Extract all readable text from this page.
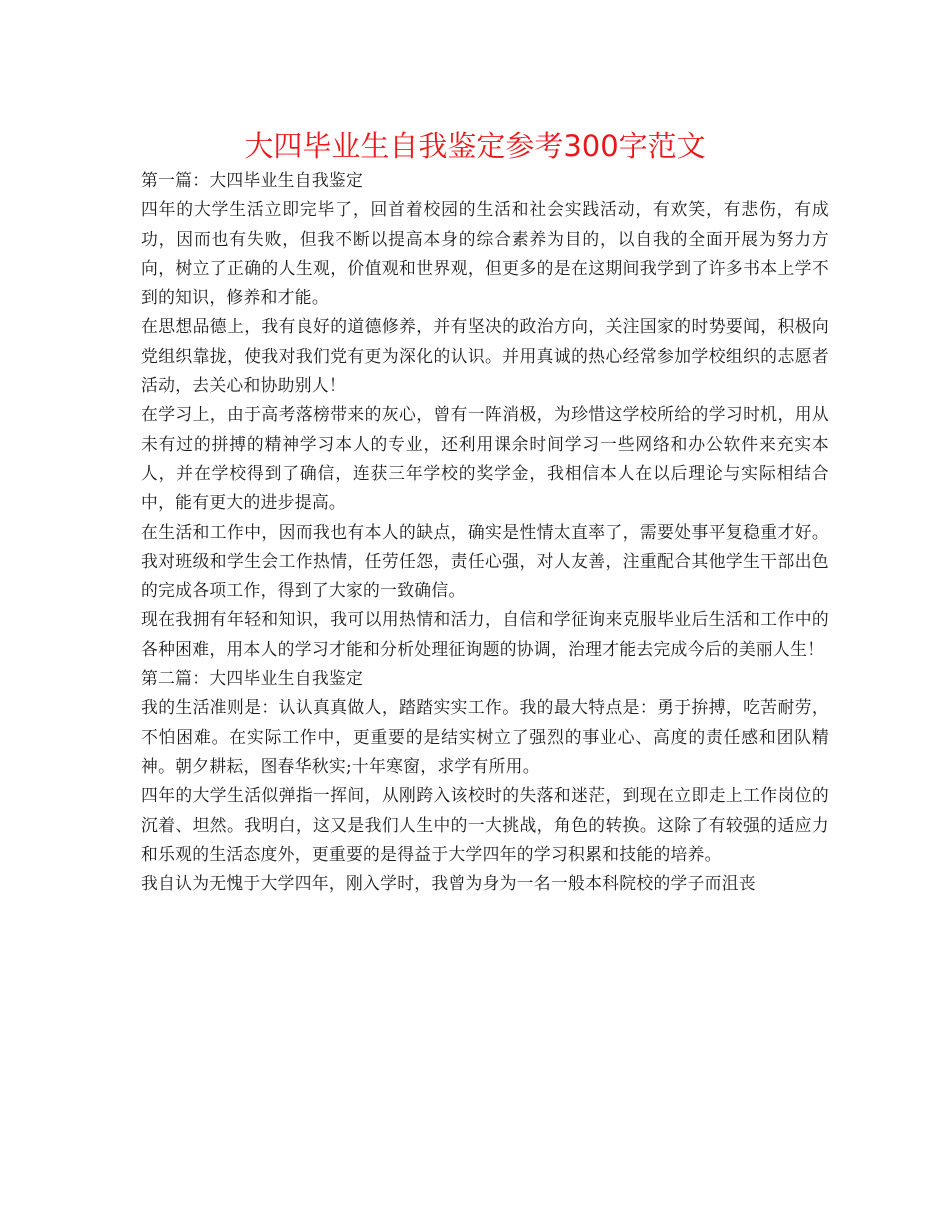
大四毕业生自我鉴定参考300字范文

第一篇：大四毕业生自我鉴定

四年的大学生活立即完毕了，回首着校园的生活和社会实践活动，有欢笑，有悲伤，有成功，因而也有失败，但我不断以提高本身的综合素养为目的，以自我的全面开展为努力方向，树立了正确的人生观，价值观和世界观，但更多的是在这期间我学到了许多书本上学不到的知识，修养和才能。

在思想品德上，我有良好的道德修养，并有坚决的政治方向，关注国家的时势要闻，积极向党组织靠拢，使我对我们党有更为深化的认识。并用真诚的热心经常参加学校组织的志愿者活动，去关心和协助别人！

在学习上，由于高考落榜带来的灰心，曾有一阵消极，为珍惜这学校所给的学习时机，用从未有过的拼搏的精神学习本人的专业，还利用课余时间学习一些网络和办公软件来充实本人，并在学校得到了确信，连获三年学校的奖学金，我相信本人在以后理论与实际相结合中，能有更大的进步提高。

在生活和工作中，因而我也有本人的缺点，确实是性情太直率了，需要处事平复稳重才好。我对班级和学生会工作热情，任劳任怨，责任心强，对人友善，注重配合其他学生干部出色的完成各项工作，得到了大家的一致确信。

现在我拥有年轻和知识，我可以用热情和活力，自信和学征询来克服毕业后生活和工作中的各种困难，用本人的学习才能和分析处理征询题的协调，治理才能去完成今后的美丽人生！

第二篇：大四毕业生自我鉴定

我的生活准则是：认认真真做人，踏踏实实工作。我的最大特点是：勇于拚搏，吃苦耐劳，不怕困难。在实际工作中，更重要的是结实树立了强烈的事业心、高度的责任感和团队精神。朝夕耕耘，图春华秋实;十年寒窗，求学有所用。

四年的大学生活似弹指一挥间，从刚跨入该校时的失落和迷茫，到现在立即走上工作岗位的沉着、坦然。我明白，这又是我们人生中的一大挑战，角色的转换。这除了有较强的适应力和乐观的生活态度外，更重要的是得益于大学四年的学习积累和技能的培养。

我自认为无愧于大学四年，刚入学时，我曾为身为一名一般本科院校的学子而沮丧
